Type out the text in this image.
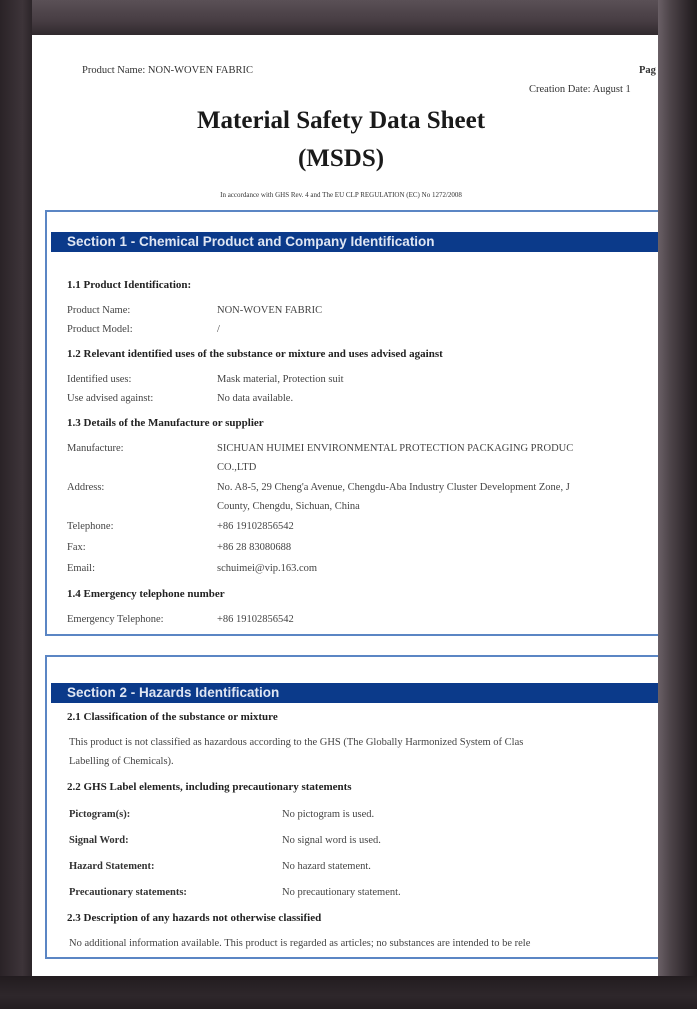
Product Name: NON-WOVEN FABRIC	Pag
Creation Date: August 1
Material Safety Data Sheet
(MSDS)
In accordance with GHS Rev. 4 and The EU CLP REGULATION (EC) No 1272/2008
Section 1 - Chemical Product and Company Identification
1.1 Product Identification:
Product Name:	NON-WOVEN FABRIC
Product Model:	/
1.2 Relevant identified uses of the substance or mixture and uses advised against
Identified uses:	Mask material, Protection suit
Use advised against:	No data available.
1.3 Details of the Manufacture or supplier
Manufacture:	SICHUAN HUIMEI ENVIRONMENTAL PROTECTION PACKAGING PRODUC
CO.,LTD
Address:	No. A8-5, 29 Cheng'a Avenue, Chengdu-Aba Industry Cluster Development Zone, J
County, Chengdu, Sichuan, China
Telephone:	+86 19102856542
Fax:	+86 28 83080688
Email:	schuimei@vip.163.com
1.4 Emergency telephone number
Emergency Telephone:	+86 19102856542
Section 2 - Hazards Identification
2.1 Classification of the substance or mixture
This product is not classified as hazardous according to the GHS (The Globally Harmonized System of Clas
Labelling of Chemicals).
2.2 GHS Label elements, including precautionary statements
Pictogram(s):	No pictogram is used.
Signal Word:	No signal word is used.
Hazard Statement:	No hazard statement.
Precautionary statements:	No precautionary statement.
2.3 Description of any hazards not otherwise classified
No additional information available. This product is regarded as articles; no substances are intended to be rele
